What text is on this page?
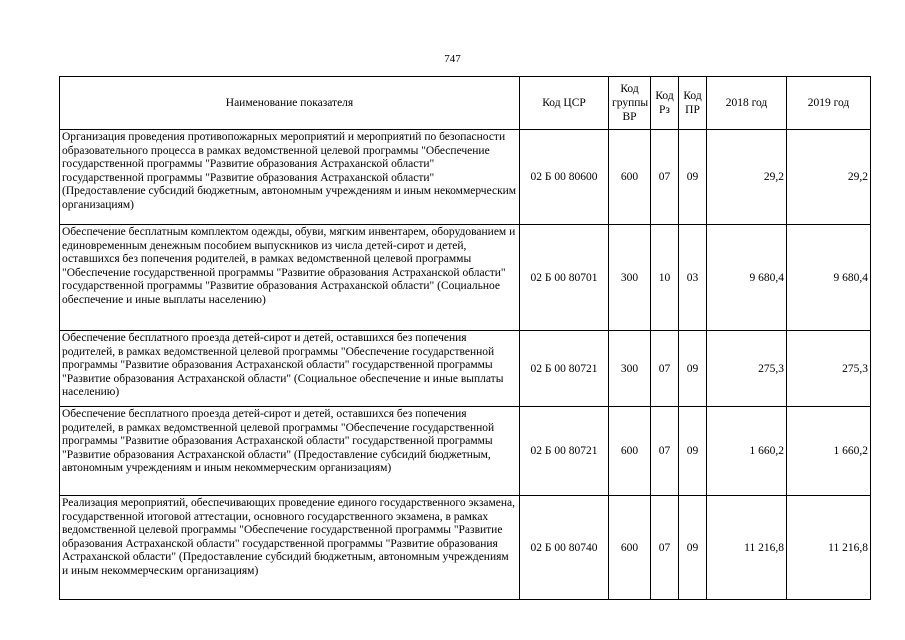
747
Наименование показателя	Код ЦСР	Код группы ВР	Код Рз	Код ПР	2018 год	2019 год
Организация проведения противопожарных мероприятий и мероприятий по безопасности образовательного процесса в рамках ведомственной целевой программы "Обеспечение государственной программы "Развитие образования Астраханской области" государственной программы "Развитие образования Астраханской области" (Предоставление субсидий бюджетным, автономным учреждениям и иным некоммерческим организациям)	02 Б 00 80600	600	07	09	29,2	29,2
Обеспечение бесплатным комплектом одежды, обуви, мягким инвентарем, оборудованием и единовременным денежным пособием выпускников из числа детей-сирот и детей, оставшихся без попечения родителей, в рамках ведомственной целевой программы "Обеспечение государственной программы "Развитие образования Астраханской области" государственной программы "Развитие образования Астраханской области" (Социальное обеспечение и иные выплаты населению)	02 Б 00 80701	300	10	03	9 680,4	9 680,4
Обеспечение бесплатного проезда детей-сирот и детей, оставшихся без попечения родителей, в рамках ведомственной целевой программы "Обеспечение государственной программы "Развитие образования Астраханской области" государственной программы "Развитие образования Астраханской области" (Социальное обеспечение и иные выплаты населению)	02 Б 00 80721	300	07	09	275,3	275,3
Обеспечение бесплатного проезда детей-сирот и детей, оставшихся без попечения родителей, в рамках ведомственной целевой программы "Обеспечение государственной программы "Развитие образования Астраханской области" государственной программы "Развитие образования Астраханской области" (Предоставление субсидий бюджетным, автономным учреждениям и иным некоммерческим организациям)	02 Б 00 80721	600	07	09	1 660,2	1 660,2
Реализация мероприятий, обеспечивающих проведение единого государственного экзамена, государственной итоговой аттестации, основного государственного экзамена, в рамках ведомственной целевой программы "Обеспечение государственной программы "Развитие образования Астраханской области" государственной программы "Развитие образования Астраханской области" (Предоставление субсидий бюджетным, автономным учреждениям и иным некоммерческим организациям)	02 Б 00 80740	600	07	09	11 216,8	11 216,8
